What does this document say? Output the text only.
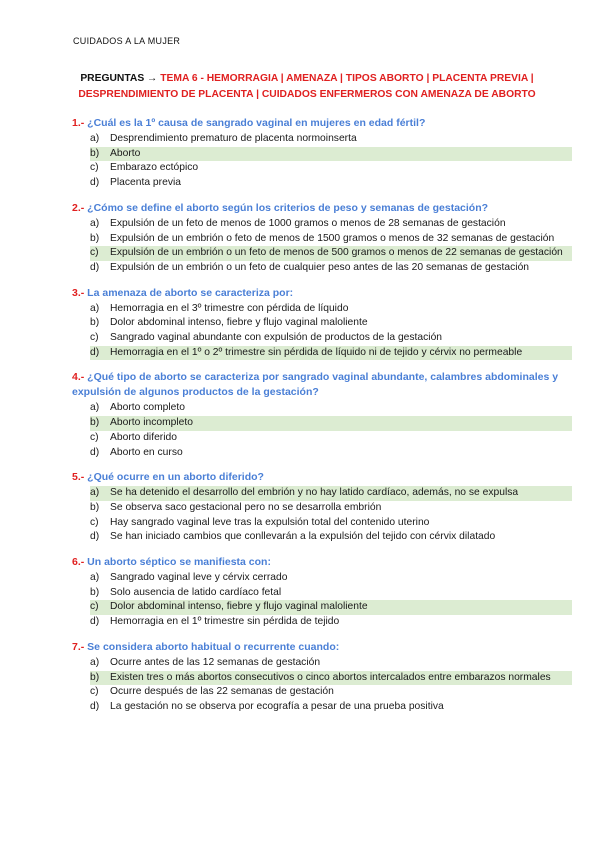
CUIDADOS A LA MUJER
PREGUNTAS → TEMA 6 - HEMORRAGIA | AMENAZA | TIPOS ABORTO | PLACENTA PREVIA | DESPRENDIMIENTO DE PLACENTA | CUIDADOS ENFERMEROS CON AMENAZA DE ABORTO
1.- ¿Cuál es la 1º causa de sangrado vaginal en mujeres en edad fértil?
a)	Desprendimiento prematuro de placenta normoinserta
b)	Aborto
c)	Embarazo ectópico
d)	Placenta previa
2.- ¿Cómo se define el aborto según los criterios de peso y semanas de gestación?
a)	Expulsión de un feto de menos de 1000 gramos o menos de 28 semanas de gestación
b)	Expulsión de un embrión o feto de menos de 1500 gramos o menos de 32 semanas de gestación
c)	Expulsión de un embrión o un feto de menos de 500 gramos o menos de 22 semanas de gestación
d)	Expulsión de un embrión o un feto de cualquier peso antes de las 20 semanas de gestación
3.- La amenaza de aborto se caracteriza por:
a)	Hemorragia en el 3º trimestre con pérdida de líquido
b)	Dolor abdominal intenso, fiebre y flujo vaginal maloliente
c)	Sangrado vaginal abundante con expulsión de productos de la gestación
d)	Hemorragia en el 1º o 2º trimestre sin pérdida de líquido ni de tejido y cérvix no permeable
4.- ¿Qué tipo de aborto se caracteriza por sangrado vaginal abundante, calambres abdominales y expulsión de algunos productos de la gestación?
a)	Aborto completo
b)	Aborto incompleto
c)	Aborto diferido
d)	Aborto en curso
5.- ¿Qué ocurre en un aborto diferido?
a)	Se ha detenido el desarrollo del embrión y no hay latido cardíaco, además, no se expulsa
b)	Se observa saco gestacional pero no se desarrolla embrión
c)	Hay sangrado vaginal leve tras la expulsión total del contenido uterino
d)	Se han iniciado cambios que conllevarán a la expulsión del tejido con cérvix dilatado
6.- Un aborto séptico se manifiesta con:
a)	Sangrado vaginal leve y cérvix cerrado
b)	Solo ausencia de latido cardíaco fetal
c)	Dolor abdominal intenso, fiebre y flujo vaginal maloliente
d)	Hemorragia en el 1º trimestre sin pérdida de tejido
7.- Se considera aborto habitual o recurrente cuando:
a)	Ocurre antes de las 12 semanas de gestación
b)	Existen tres o más abortos consecutivos o cinco abortos intercalados entre embarazos normales
c)	Ocurre después de las 22 semanas de gestación
d)	La gestación no se observa por ecografía a pesar de una prueba positiva
